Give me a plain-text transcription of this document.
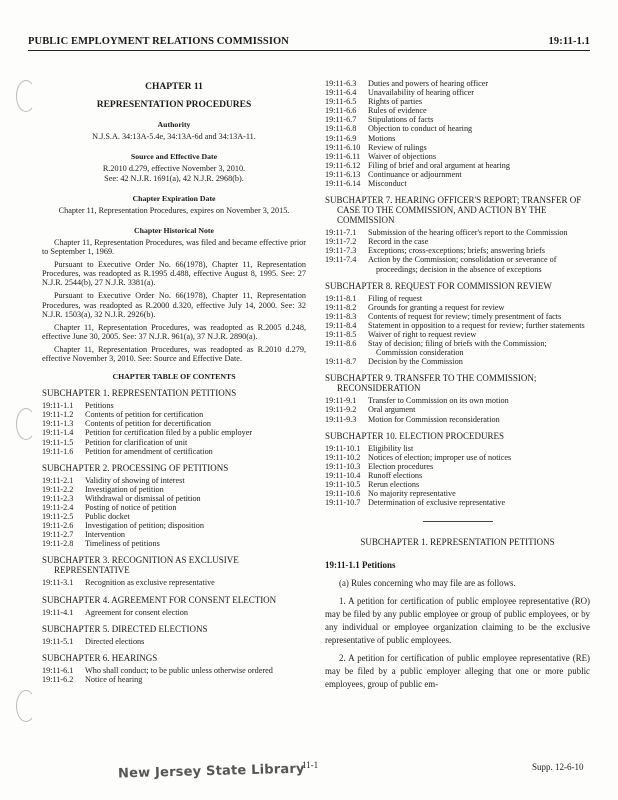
PUBLIC EMPLOYMENT RELATIONS COMMISSION	19:11-1.1
CHAPTER 11
REPRESENTATION PROCEDURES
Authority

N.J.S.A. 34:13A-5.4e, 34:13A-6d and 34:13A-11.

Source and Effective Date

R.2010 d.279, effective November 3, 2010.

See: 42 N.J.R. 1691(a), 42 N.J.R. 2968(b).

Chapter Expiration Date

Chapter 11, Representation Procedures, expires on November 3, 2015.

Chapter Historical Note

Chapter 11, Representation Procedures, was filed and became effective prior to September 1, 1969.

Pursuant to Executive Order No. 66(1978), Chapter 11, Representation Procedures, was readopted as R.1995 d.488, effective August 8, 1995. See: 27 N.J.R. 2544(b), 27 N.J.R. 3381(a).

Pursuant to Executive Order No. 66(1978), Chapter 11, Representation Procedures, was readopted as R.2000 d.320, effective July 14, 2000. See: 32 N.J.R. 1503(a), 32 N.J.R. 2926(b).

Chapter 11, Representation Procedures, was readopted as R.2005 d.248, effective June 30, 2005. See: 37 N.J.R. 961(a), 37 N.J.R. 2890(a).

Chapter 11, Representation Procedures, was readopted as R.2010 d.279, effective November 3, 2010. See: Source and Effective Date.

CHAPTER TABLE OF CONTENTS
SUBCHAPTER 1. REPRESENTATION PETITIONS
19:11-1.1	Petitions
19:11-1.2	Contents of petition for certification
19:11-1.3	Contents of petition for decertification
19:11-1.4	Petition for certification filed by a public employer
19:11-1.5	Petition for clarification of unit
19:11-1.6	Petition for amendment of certification
SUBCHAPTER 2. PROCESSING OF PETITIONS
19:11-2.1	Validity of showing of interest
19:11-2.2	Investigation of petition
19:11-2.3	Withdrawal or dismissal of petition
19:11-2.4	Posting of notice of petition
19:11-2.5	Public docket
19:11-2.6	Investigation of petition; disposition
19:11-2.7	Intervention
19:11-2.8	Timeliness of petitions
SUBCHAPTER 3. RECOGNITION AS EXCLUSIVE REPRESENTATIVE
19:11-3.1	Recognition as exclusive representative
SUBCHAPTER 4. AGREEMENT FOR CONSENT ELECTION
19:11-4.1	Agreement for consent election
SUBCHAPTER 5. DIRECTED ELECTIONS
19:11-5.1	Directed elections
SUBCHAPTER 6. HEARINGS
19:11-6.1	Who shall conduct; to be public unless otherwise ordered
19:11-6.2	Notice of hearing
19:11-6.3	Duties and powers of hearing officer
19:11-6.4	Unavailability of hearing officer
19:11-6.5	Rights of parties
19:11-6.6	Rules of evidence
19:11-6.7	Stipulations of facts
19:11-6.8	Objection to conduct of hearing
19:11-6.9	Motions
19:11-6.10 Review of rulings
19:11-6.11 Waiver of objections
19:11-6.12 Filing of brief and oral argument at hearing
19:11-6.13 Continuance or adjournment
19:11-6.14 Misconduct
SUBCHAPTER 7. HEARING OFFICER'S REPORT; TRANSFER OF CASE TO THE COMMISSION, AND ACTION BY THE COMMISSION
19:11-7.1	Submission of the hearing officer's report to the Commission
19:11-7.2	Record in the case
19:11-7.3	Exceptions; cross-exceptions; briefs; answering briefs
19:11-7.4	Action by the Commission; consolidation or severance of proceedings; decision in the absence of exceptions
SUBCHAPTER 8. REQUEST FOR COMMISSION REVIEW
19:11-8.1	Filing of request
19:11-8.2	Grounds for granting a request for review
19:11-8.3	Contents of request for review; timely presentment of facts
19:11-8.4	Statement in opposition to a request for review; further statements
19:11-8.5	Waiver of right to request review
19:11-8.6	Stay of decision; filing of briefs with the Commission; Commission consideration
19:11-8.7	Decision by the Commission
SUBCHAPTER 9. TRANSFER TO THE COMMISSION; RECONSIDERATION
19:11-9.1	Transfer to Commission on its own motion
19:11-9.2	Oral argument
19:11-9.3	Motion for Commission reconsideration
SUBCHAPTER 10. ELECTION PROCEDURES
19:11-10.1 Eligibility list
19:11-10.2 Notices of election; improper use of notices
19:11-10.3 Election procedures
19:11-10.4 Runoff elections
19:11-10.5 Rerun elections
19:11-10.6 No majority representative
19:11-10.7 Determination of exclusive representative
SUBCHAPTER 1. REPRESENTATION PETITIONS
19:11-1.1 Petitions

(a) Rules concerning who may file are as follows.

1. A petition for certification of public employee representative (RO) may be filed by any public employee or group of public employees, or by any individual or employee organization claiming to be the exclusive representative of public employees.

2. A petition for certification of public employee representative (RE) may be filed by a public employer alleging that one or more public employees, group of public em-

New Jersey State Library
11-1	Supp. 12-6-10
